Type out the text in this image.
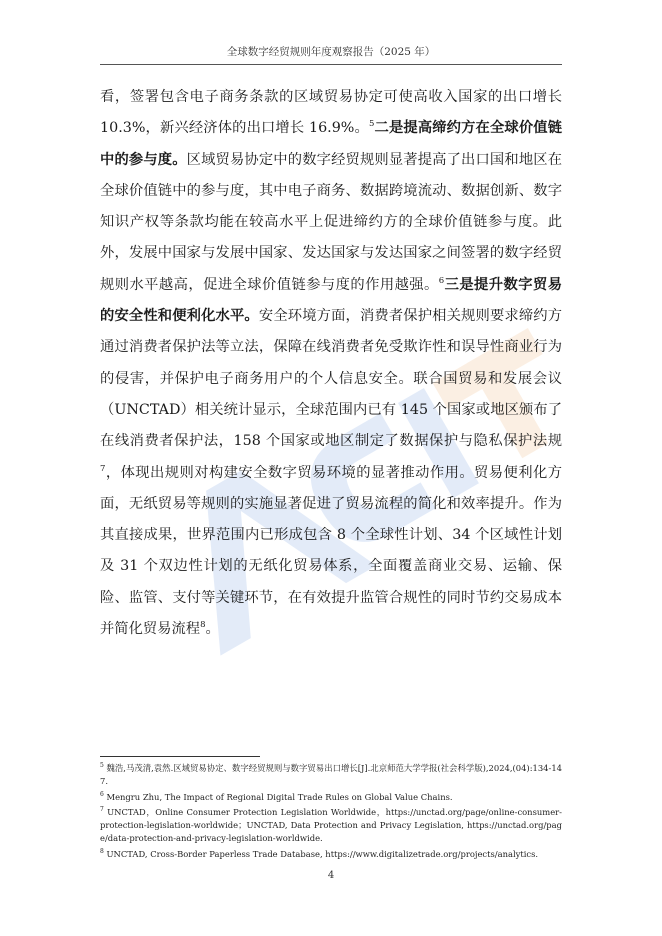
全球数字经贸规则年度观察报告（2025 年）

看，签署包含电子商务条款的区域贸易协定可使高收入国家的出口增长 10.3%，新兴经济体的出口增长 16.9%。$^5$二是提高缔约方在全球价值链中的参与度。区域贸易协定中的数字经贸规则显著提高了出口国和地区在全球价值链中的参与度，其中电子商务、数据跨境流动、数据创新、数字知识产权等条款均能在较高水平上促进缔约方的全球价值链参与度。此外，发展中国家与发展中国家、发达国家与发达国家之间签署的数字经贸规则水平越高，促进全球价值链参与度的作用越强。$^6$三是提升数字贸易的安全性和便利化水平。安全环境方面，消费者保护相关规则要求缔约方通过消费者保护法等立法，保障在线消费者免受欺诈性和误导性商业行为的侵害，并保护电子商务用户的个人信息安全。联合国贸易和发展会议（UNCTAD）相关统计显示，全球范围内已有 145 个国家或地区颁布了在线消费者保护法，158 个国家或地区制定了数据保护与隐私保护法规$^7$，体现出规则对构建安全数字贸易环境的显著推动作用。贸易便利化方面，无纸贸易等规则的实施显著促进了贸易流程的简化和效率提升。作为其直接成果，世界范围内已形成包含 8 个全球性计划、34 个区域性计划及 31 个双边性计划的无纸化贸易体系，全面覆盖商业交易、运输、保险、监管、支付等关键环节，在有效提升监管合规性的同时节约交易成本并简化贸易流程$^8$。

$^5$ 魏浩,马茂清,袁然.区域贸易协定、数字经贸规则与数字贸易出口增长[J].北京师范大学学报(社会科学版),2024,(04):134-147.

$^6$ Mengru Zhu, The Impact of Regional Digital Trade Rules on Global Value Chains.

$^7$ UNCTAD，Online Consumer Protection Legislation Worldwide，https://unctad.org/page/online-consumer-protection-legislation-worldwide；UNCTAD, Data Protection and Privacy Legislation, https://unctad.org/page/data-protection-and-privacy-legislation-worldwide.

$^8$ UNCTAD, Cross-Border Paperless Trade Database, https://www.digitalizetrade.org/projects/analytics.

4
